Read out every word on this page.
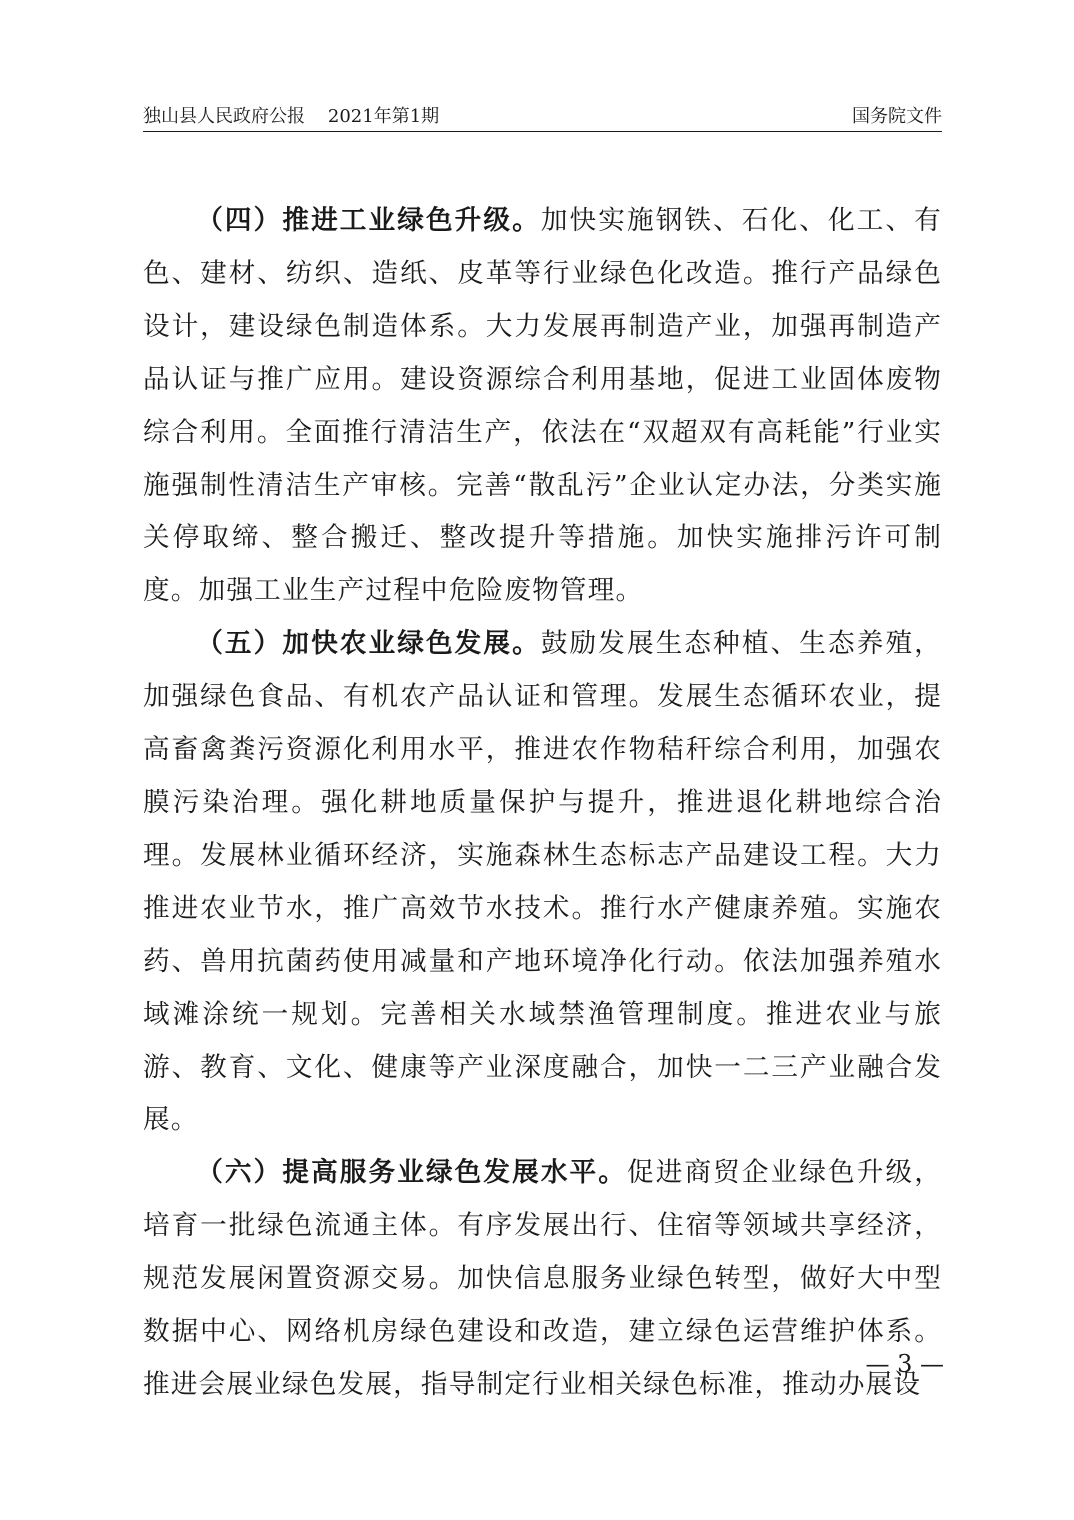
独山县人民政府公报    2021年第1期	国务院文件

（四）推进工业绿色升级。加快实施钢铁、石化、化工、有色、建材、纺织、造纸、皮革等行业绿色化改造。推行产品绿色设计，建设绿色制造体系。大力发展再制造产业，加强再制造产品认证与推广应用。建设资源综合利用基地，促进工业固体废物综合利用。全面推行清洁生产，依法在“双超双有高耗能”行业实施强制性清洁生产审核。完善“散乱污”企业认定办法，分类实施关停取缔、整合搬迁、整改提升等措施。加快实施排污许可制度。加强工业生产过程中危险废物管理。

（五）加快农业绿色发展。鼓励发展生态种植、生态养殖，加强绿色食品、有机农产品认证和管理。发展生态循环农业，提高畜禽粪污资源化利用水平，推进农作物秸秆综合利用，加强农膜污染治理。强化耕地质量保护与提升，推进退化耕地综合治理。发展林业循环经济，实施森林生态标志产品建设工程。大力推进农业节水，推广高效节水技术。推行水产健康养殖。实施农药、兽用抗菌药使用减量和产地环境净化行动。依法加强养殖水域滩涂统一规划。完善相关水域禁渔管理制度。推进农业与旅游、教育、文化、健康等产业深度融合，加快一二三产业融合发展。

（六）提高服务业绿色发展水平。促进商贸企业绿色升级，培育一批绿色流通主体。有序发展出行、住宿等领域共享经济，规范发展闲置资源交易。加快信息服务业绿色转型，做好大中型数据中心、网络机房绿色建设和改造，建立绿色运营维护体系。推进会展业绿色发展，指导制定行业相关绿色标准，推动办展设

— 3 —
